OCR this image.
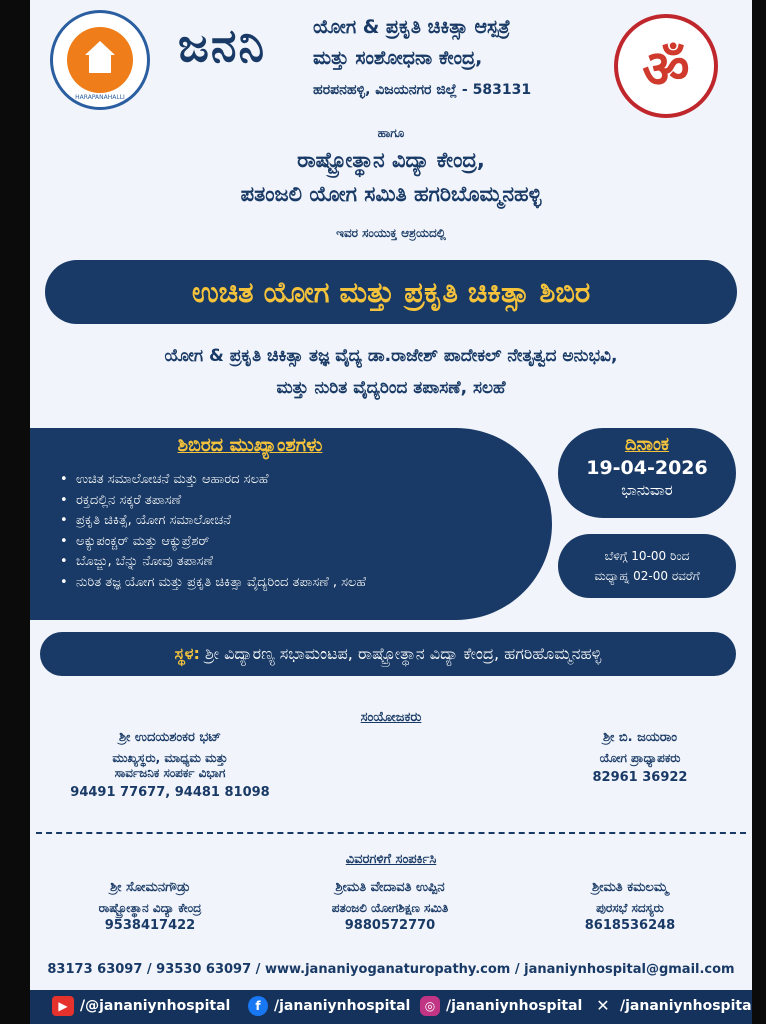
HARAPANAHALLI
ಜನನಿ ಯೋಗ & ಪ್ರಕೃತಿ ಚಿಕಿತ್ಸಾ ಆಸ್ಪತ್ರೆ
ಮತ್ತು ಸಂಶೋಧನಾ ಕೇಂದ್ರ,
ಹರಪನಹಳ್ಳಿ, ವಿಜಯನಗರ ಜಿಲ್ಲೆ - 583131	ॐ
ಹಾಗೂ
ರಾಷ್ಟ್ರೋತ್ಥಾನ ವಿದ್ಯಾ ಕೇಂದ್ರ,
ಪತಂಜಲಿ ಯೋಗ ಸಮಿತಿ ಹಗರಿಬೊಮ್ಮನಹಳ್ಳಿ
ಇವರ ಸಂಯುಕ್ತ ಆಶ್ರಯದಲ್ಲಿ
ಉಚಿತ ಯೋಗ ಮತ್ತು ಪ್ರಕೃತಿ ಚಿಕಿತ್ಸಾ ಶಿಬಿರ
ಯೋಗ & ಪ್ರಕೃತಿ ಚಿಕಿತ್ಸಾ ತಜ್ಞ ವೈದ್ಯ ಡಾ.ರಾಜೇಶ್ ಪಾದೇಕಲ್ ನೇತೃತ್ವದ ಅನುಭವಿ,
ಮತ್ತು ನುರಿತ ವೈದ್ಯರಿಂದ ತಪಾಸಣೆ, ಸಲಹೆ
ಶಿಬಿರದ ಮುಖ್ಯಾಂಶಗಳು
• ಉಚಿತ ಸಮಾಲೋಚನೆ ಮತ್ತು ಆಹಾರದ ಸಲಹೆ
• ರಕ್ತದಲ್ಲಿನ ಸಕ್ಕರೆ ತಪಾಸಣೆ
• ಪ್ರಕೃತಿ ಚಿಕಿತ್ಸೆ, ಯೋಗ ಸಮಾಲೋಚನೆ
• ಅಕ್ಯುಪಂಕ್ಚರ್ ಮತ್ತು ಆಕ್ಯುಪ್ರೆಶರ್
• ಬೊಜ್ಜು, ಬೆನ್ನು ನೋವು ತಪಾಸಣೆ
• ನುರಿತ ತಜ್ಞ ಯೋಗ ಮತ್ತು ಪ್ರಕೃತಿ ಚಿಕಿತ್ಸಾ ವೈದ್ಯರಿಂದ ತಪಾಸಣೆ , ಸಲಹೆ
ದಿನಾಂಕ
19-04-2026
ಭಾನುವಾರ
ಬೆಳಿಗ್ಗೆ 10-00 ರಿಂದ
ಮಧ್ಯಾಹ್ನ 02-00 ರವರೆಗೆ
ಸ್ಥಳ: ಶ್ರೀ ವಿದ್ಯಾರಣ್ಯ ಸಭಾಮಂಟಪ, ರಾಷ್ಟ್ರೋತ್ಥಾನ ವಿದ್ಯಾ ಕೇಂದ್ರ, ಹಗರಿಹೊಮ್ಮನಹಳ್ಳಿ
ಸಂಯೋಜಕರು
ಶ್ರೀ ಉದಯಶಂಕರ ಭಟ್
ಮುಖ್ಯಸ್ಥರು, ಮಾಧ್ಯಮ ಮತ್ತು
ಸಾರ್ವಜನಿಕ ಸಂಪರ್ಕ ವಿಭಾಗ
94491 77677, 94481 81098
ಶ್ರೀ ಬಿ. ಜಯರಾಂ
ಯೋಗ ಪ್ರಾಧ್ಯಾಪಕರು
82961 36922
ವಿವರಗಳಿಗೆ ಸಂಪರ್ಕಿಸಿ
ಶ್ರೀ ಸೋಮನಗೌಡ್ರು
ರಾಷ್ಟ್ರೋತ್ಥಾನ ವಿದ್ಯಾ ಕೇಂದ್ರ
9538417422
ಶ್ರೀಮತಿ ವೇದಾವತಿ ಉಪ್ಪಿನ
ಪತಂಜಲಿ ಯೋಗಶಿಕ್ಷಣ ಸಮಿತಿ
9880572770
ಶ್ರೀಮತಿ ಕಮಲಮ್ಮ
ಪುರಸಭೆ ಸದಸ್ಯರು
8618536248
83173 63097 / 93530 63097 / www.jananiyoganaturopathy.com / jananiynhospital@gmail.com
▶ /@jananiynhospital	f /jananiynhospital	◎ /jananiynhospital ✕ /jananiynhospita
